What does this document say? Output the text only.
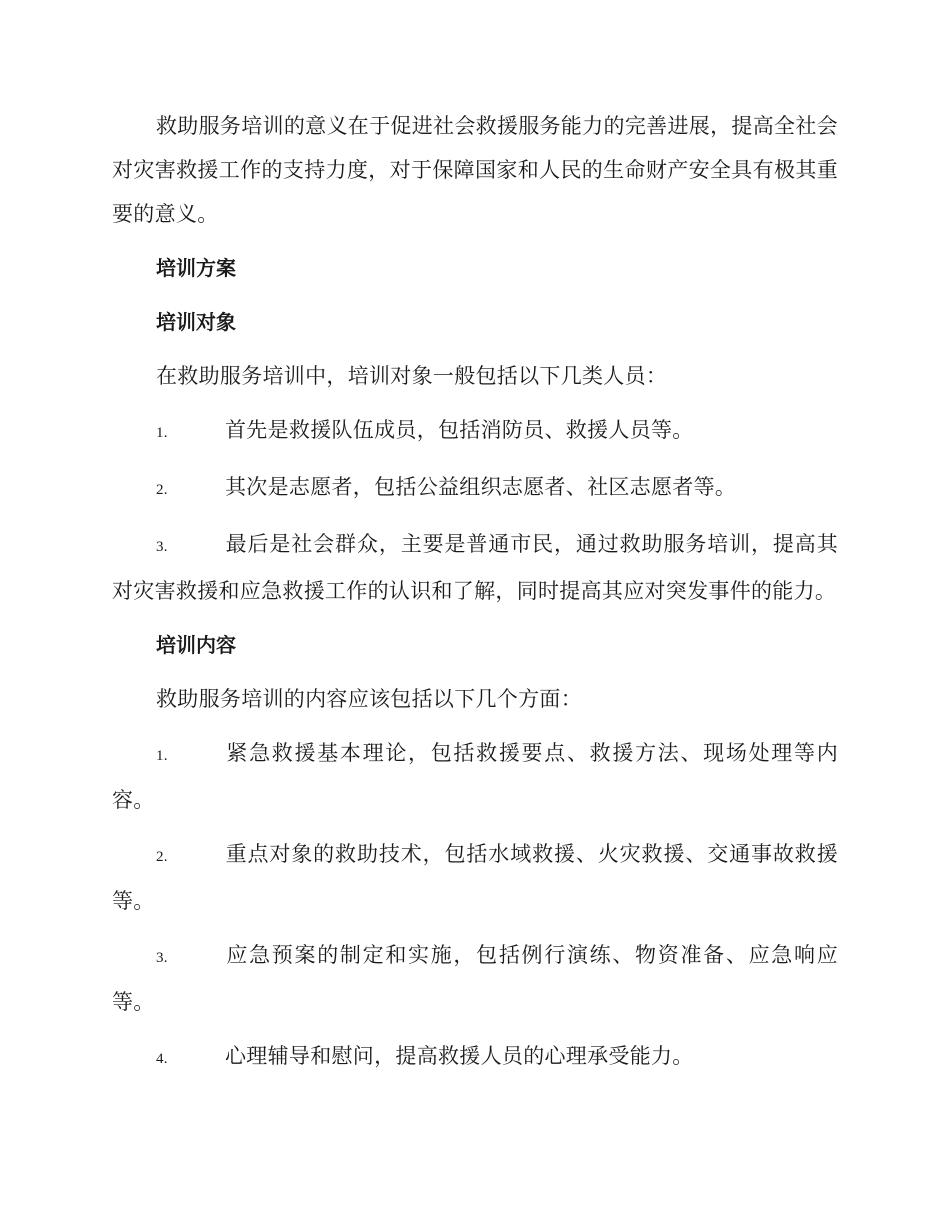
救助服务培训的意义在于促进社会救援服务能力的完善进展，提高全社会对灾害救援工作的支持力度，对于保障国家和人民的生命财产安全具有极其重要的意义。

培训方案

培训对象

在救助服务培训中，培训对象一般包括以下几类人员：

1.	首先是救援队伍成员，包括消防员、救援人员等。

2.	其次是志愿者，包括公益组织志愿者、社区志愿者等。

3.	最后是社会群众，主要是普通市民，通过救助服务培训，提高其对灾害救援和应急救援工作的认识和了解，同时提高其应对突发事件的能力。

培训内容

救助服务培训的内容应该包括以下几个方面：

1.	紧急救援基本理论，包括救援要点、救援方法、现场处理等内容。

2.	重点对象的救助技术，包括水域救援、火灾救援、交通事故救援等。

3.	应急预案的制定和实施，包括例行演练、物资准备、应急响应等。

4.	心理辅导和慰问，提高救援人员的心理承受能力。
